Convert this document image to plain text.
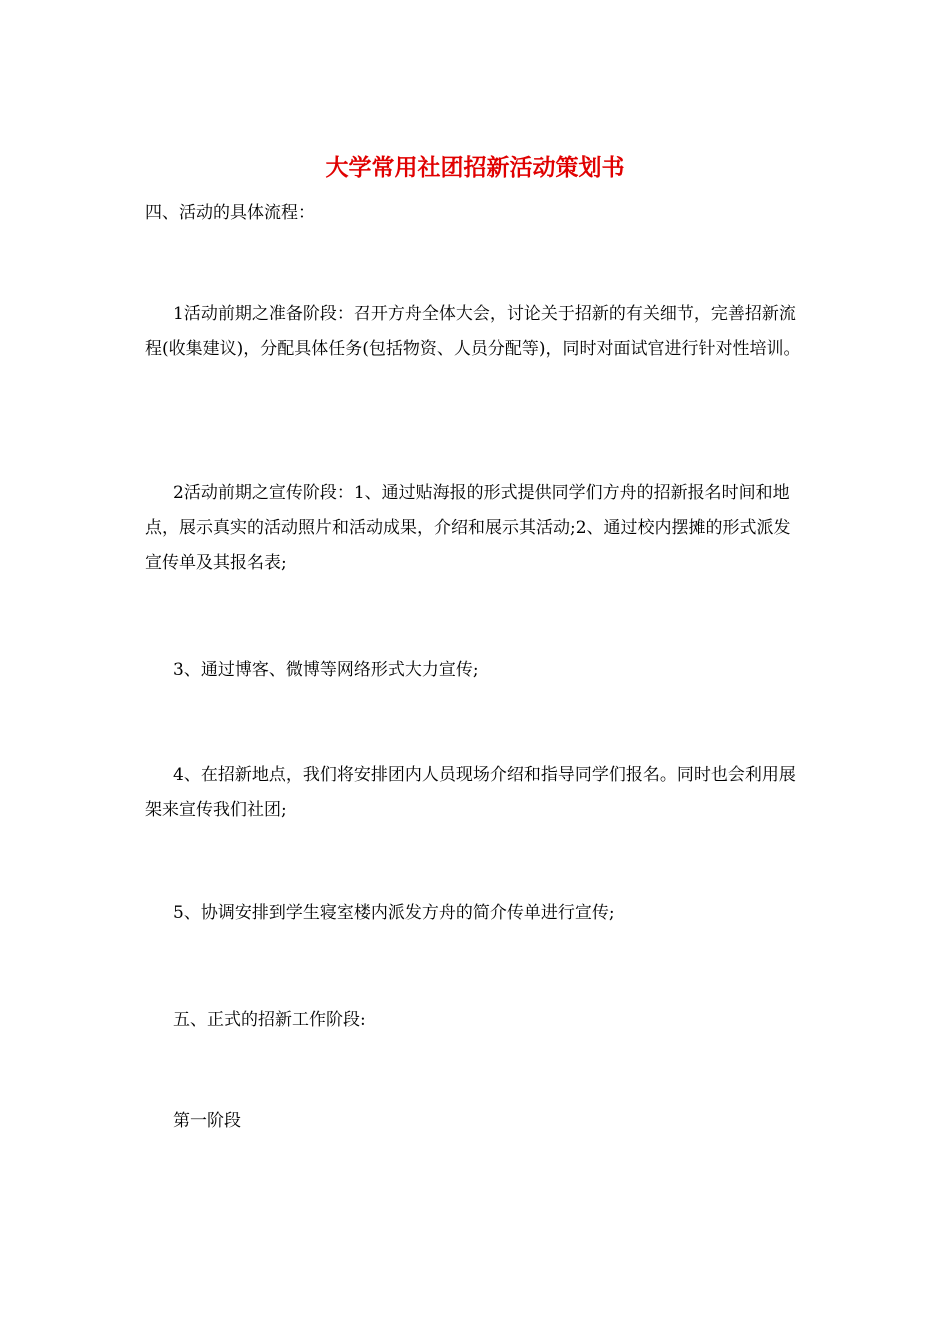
大学常用社团招新活动策划书
四、活动的具体流程：

1活动前期之准备阶段：召开方舟全体大会，讨论关于招新的有关细节，完善招新流程(收集建议)，分配具体任务(包括物资、人员分配等)，同时对面试官进行针对性培训。

2活动前期之宣传阶段：1、通过贴海报的形式提供同学们方舟的招新报名时间和地点，展示真实的活动照片和活动成果，介绍和展示其活动;2、通过校内摆摊的形式派发宣传单及其报名表;

3、通过博客、微博等网络形式大力宣传;

4、在招新地点，我们将安排团内人员现场介绍和指导同学们报名。同时也会利用展架来宣传我们社团;

5、协调安排到学生寝室楼内派发方舟的简介传单进行宣传;
五、正式的招新工作阶段:
第一阶段
